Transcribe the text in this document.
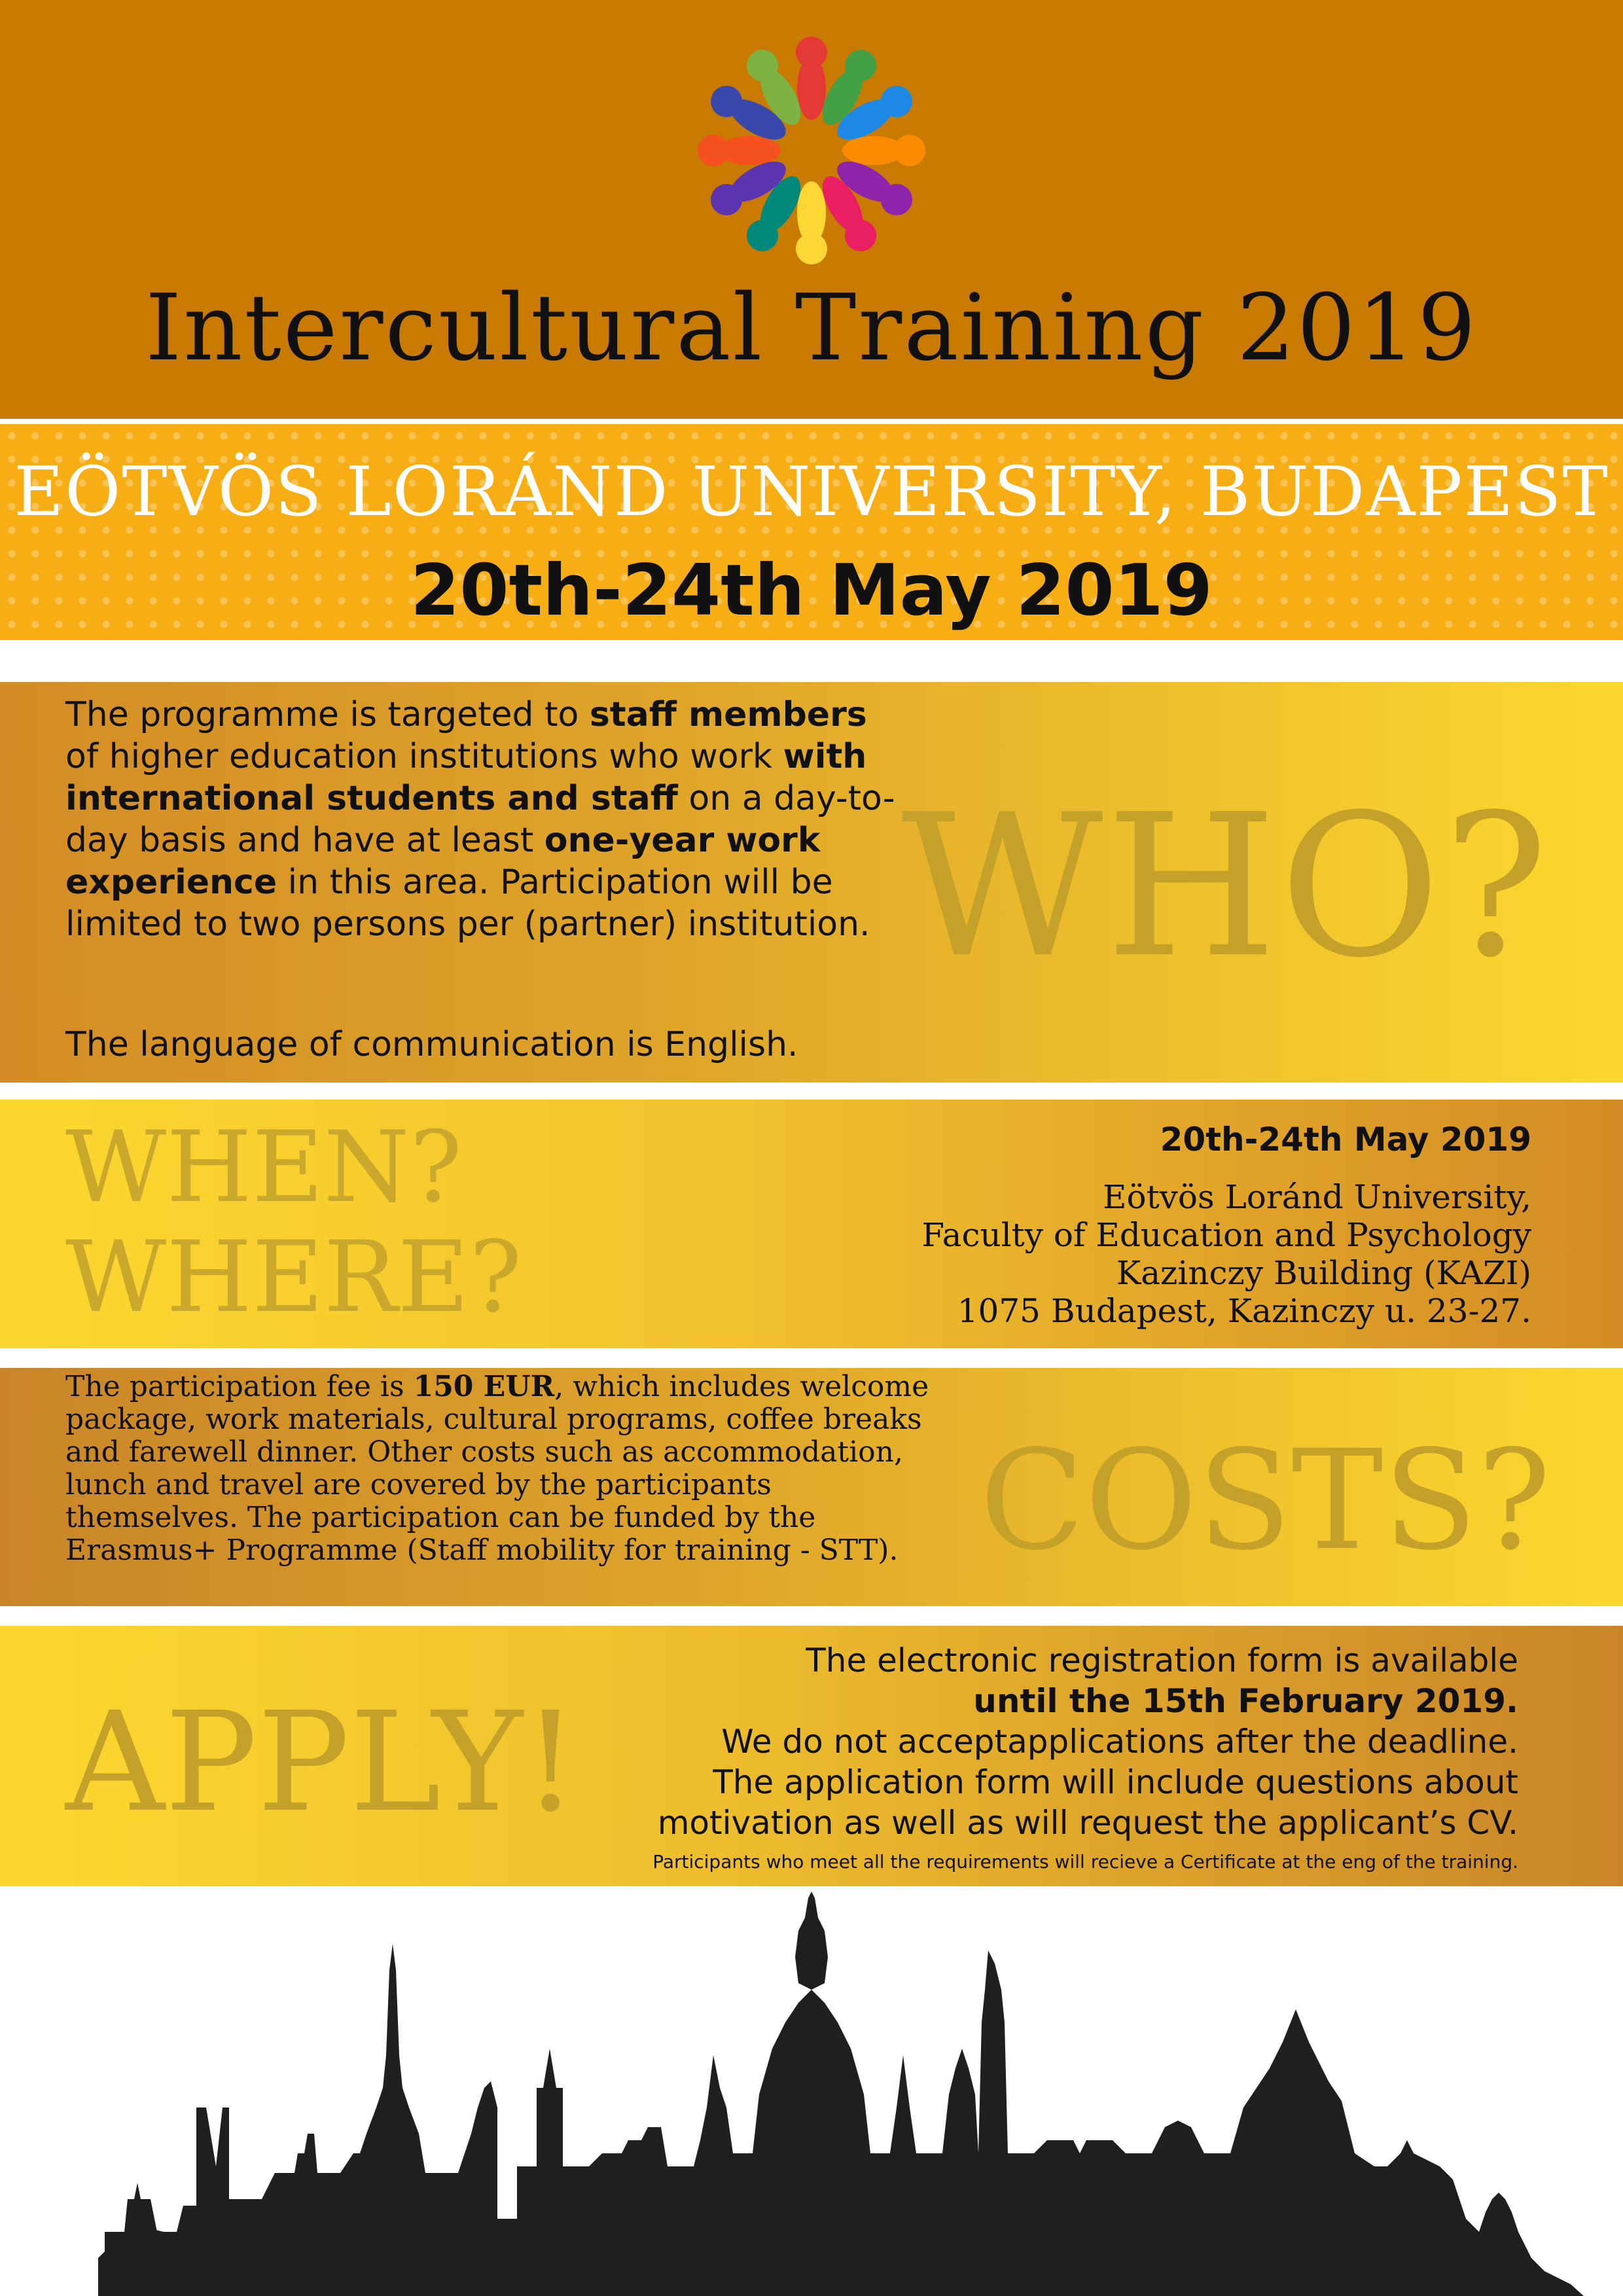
Intercultural Training 2019
EÖTVÖS LORÁND UNIVERSITY, BUDAPEST
20th-24th May 2019
WHO?
The programme is targeted to staff members of higher education institutions who work with international students and staff on a day-to-day basis and have at least one-year work experience in this area. Participation will be limited to two persons per (partner) institution.
The language of communication is English.
WHEN?
WHERE?
20th-24th May 2019
Eötvös Loránd University,
Faculty of Education and Psychology
Kazinczy Building (KAZI)
1075 Budapest, Kazinczy u. 23-27.
COSTS?
The participation fee is 150 EUR, which includes welcome package, work materials, cultural programs, coffee breaks and farewell dinner. Other costs such as accommodation, lunch and travel are covered by the participants themselves. The participation can be funded by the Erasmus+ Programme (Staff mobility for training - STT).
APPLY!
The electronic registration form is available
until the 15th February 2019.
We do not acceptapplications after the deadline.
The application form will include questions about
motivation as well as will request the applicant’s CV.
Participants who meet all the requirements will recieve a Certificate at the eng of the training.
